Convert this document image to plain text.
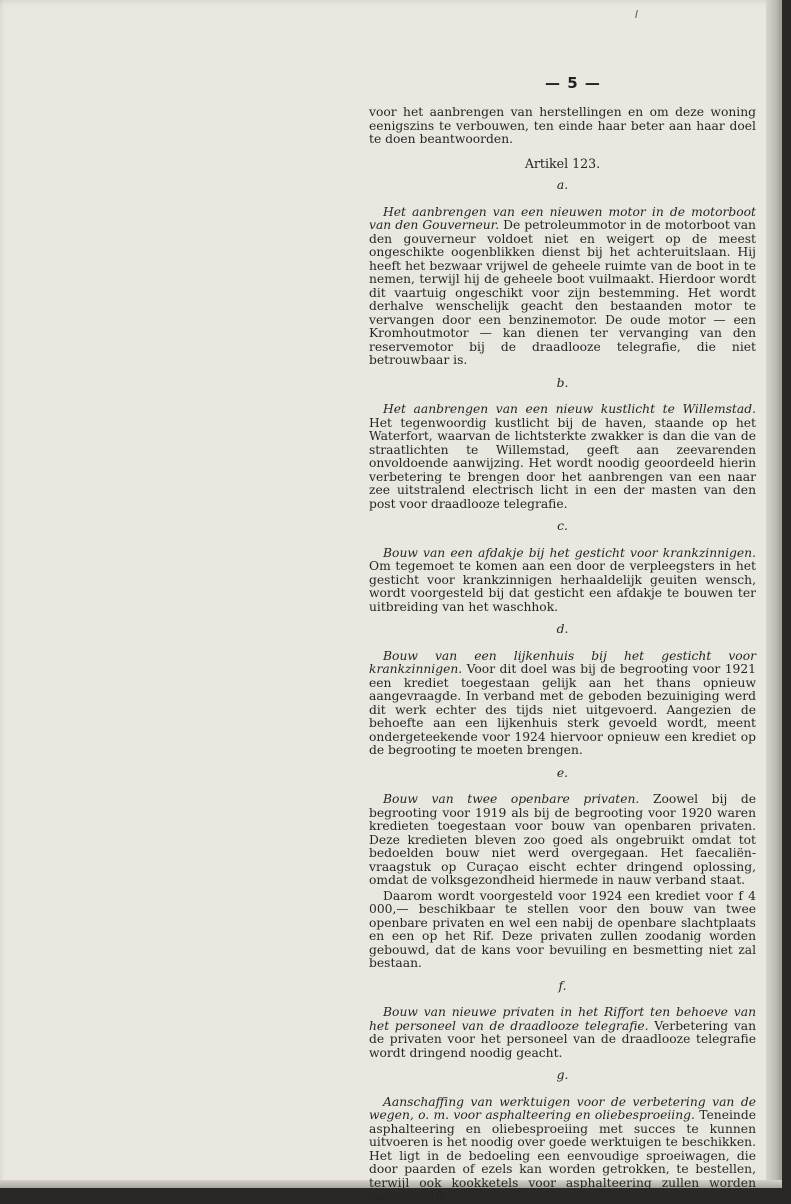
— 5 —

voor het aanbrengen van herstellingen en om deze woning eenigszins te verbouwen, ten einde haar beter aan haar doel te doen beantwoorden.

Artikel 123.

a.

Het aanbrengen van een nieuwen motor in de motorboot van den Gouverneur. De petroleummotor in de motorboot van den gouverneur voldoet niet en weigert op de meest ongeschikte oogenblikken dienst bij het achteruitslaan. Hij heeft het bezwaar vrijwel de geheele ruimte van de boot in te nemen, terwijl hij de geheele boot vuilmaakt. Hierdoor wordt dit vaartuig ongeschikt voor zijn bestemming. Het wordt derhalve wenschelijk geacht den bestaanden motor te vervangen door een benzinemotor. De oude motor — een Kromhoutmotor — kan dienen ter vervanging van den reservemotor bij de draadlooze telegrafie, die niet betrouwbaar is.

b.

Het aanbrengen van een nieuw kustlicht te Willemstad. Het tegenwoordig kustlicht bij de haven, staande op het Waterfort, waarvan de lichtsterkte zwakker is dan die van de straatlichten te Willemstad, geeft aan zeevarenden onvoldoende aanwijzing. Het wordt noodig geoordeeld hierin verbetering te brengen door het aanbrengen van een naar zee uitstralend electrisch licht in een der masten van den post voor draadlooze telegrafie.

c.

Bouw van een afdakje bij het gesticht voor krankzinnigen. Om tegemoet te komen aan een door de verpleegsters in het gesticht voor krankzinnigen herhaaldelijk geuiten wensch, wordt voorgesteld bij dat gesticht een afdakje te bouwen ter uitbreiding van het waschhok.

d.

Bouw van een lijkenhuis bij het gesticht voor krankzinnigen. Voor dit doel was bij de begrooting voor 1921 een krediet toegestaan gelijk aan het thans opnieuw aangevraagde. In verband met de geboden bezuiniging werd dit werk echter des tijds niet uitgevoerd. Aangezien de behoefte aan een lijkenhuis sterk gevoeld wordt, meent ondergeteekende voor 1924 hiervoor opnieuw een krediet op de begrooting te moeten brengen.

e.

Bouw van twee openbare privaten. Zoowel bij de begrooting voor 1919 als bij de begrooting voor 1920 waren kredieten toegestaan voor bouw van openbaren privaten. Deze kredieten bleven zoo goed als ongebruikt omdat tot bedoelden bouw niet werd overgegaan. Het faecaliën-vraagstuk op Curaçao eischt echter dringend oplossing, omdat de volksgezondheid hiermede in nauw verband staat.

Daarom wordt voorgesteld voor 1924 een krediet voor f 4 000,— beschikbaar te stellen voor den bouw van twee openbare privaten en wel een nabij de openbare slachtplaats en een op het Rif. Deze privaten zullen zoodanig worden gebouwd, dat de kans voor bevuiling en besmetting niet zal bestaan.

f.

Bouw van nieuwe privaten in het Riffort ten behoeve van het personeel van de draadlooze telegrafie. Verbetering van de privaten voor het personeel van de draadlooze telegrafie wordt dringend noodig geacht.

g.

Aanschaffing van werktuigen voor de verbetering van de wegen, o. m. voor asphalteering en oliebesproeiing. Teneinde asphalteering en oliebesproeiing met succes te kunnen uitvoeren is het noodig over goede werktuigen te beschikken. Het ligt in de bedoeling een eenvoudige sproeiwagen, die door paarden of ezels kan worden getrokken, te bestellen, terwijl ook kookketels voor asphalteering zullen worden aangeschaft.
